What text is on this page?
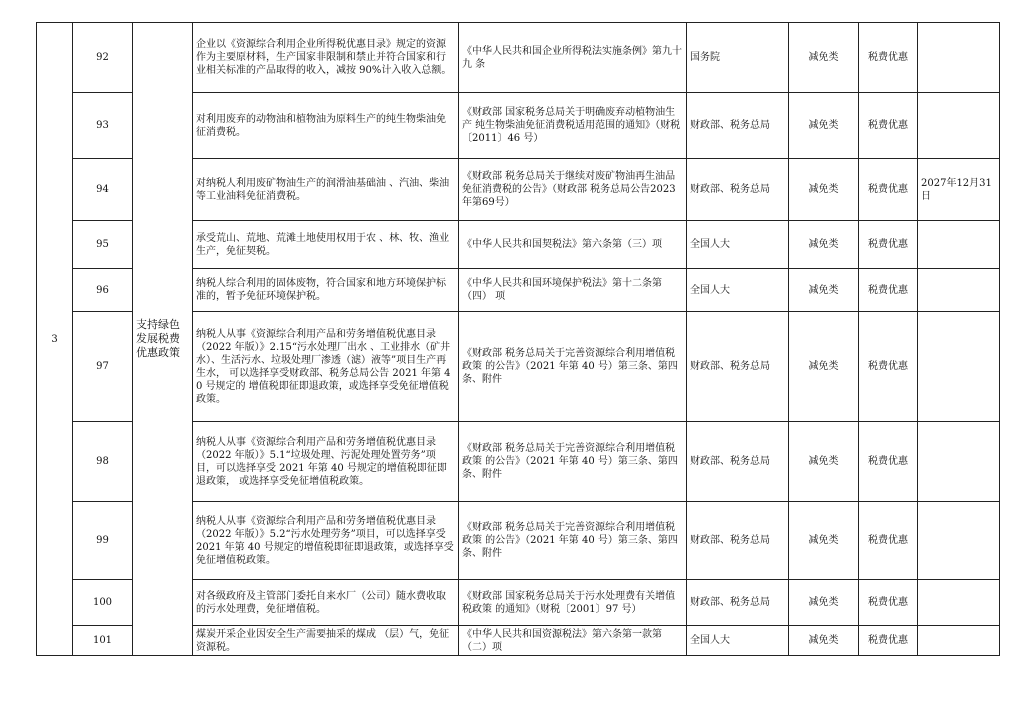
3	92	支持绿色发展税费优惠政策	企业以《资源综合利用企业所得税优惠目录》规定的资源作为主要原材料，生产国家非限制和禁止并符合国家和行 业相关标准的产品取得的收入，减按 90%计入收入总额。	《中华人民共和国企业所得税法实施条例》第九十九 条	国务院	减免类	税费优惠	
	93		对利用废弃的动物油和植物油为原料生产的纯生物柴油免征消费税。	《财政部 国家税务总局关于明确废弃动植物油生产 纯生物柴油免征消费税适用范围的通知》（财税〔2011〕46 号）	财政部、税务总局	减免类	税费优惠	
	94		对纳税人利用废矿物油生产的润滑油基础油 、汽油、柴油等工业油料免征消费税。	《财政部 税务总局关于继续对废矿物油再生油品免征消费税的公告》（财政部 税务总局公告2023年第69号）	财政部、税务总局	减免类	税费优惠	2027年12月31日
	95		承受荒山、荒地、荒滩土地使用权用于农 、林、牧、渔业生产，免征契税。	《中华人民共和国契税法》第六条第（三）项	全国人大	减免类	税费优惠	
	96		纳税人综合利用的固体废物，符合国家和地方环境保护标准的，暂予免征环境保护税。	《中华人民共和国环境保护税法》第十二条第（四） 项	全国人大	减免类	税费优惠	
	97		纳税人从事《资源综合利用产品和劳务增值税优惠目录 （2022 年版）》2.15“污水处理厂出水 、工业排水（矿井水）、生活污水、垃圾处理厂渗透（滤）液等”项目生产再生水， 可以选择享受财政部、税务总局公告 2021 年第 40 号规定的 增值税即征即退政策，或选择享受免征增值税政策。	《财政部 税务总局关于完善资源综合利用增值税政策 的公告》（2021 年第 40 号）第三条、第四条、附件	财政部、税务总局	减免类	税费优惠	
	98		纳税人从事《资源综合利用产品和劳务增值税优惠目录 （2022 年版）》5.1“垃圾处理、污泥处理处置劳务”项目，可以选择享受 2021 年第 40 号规定的增值税即征即退政策， 或选择享受免征增值税政策。	《财政部 税务总局关于完善资源综合利用增值税政策 的公告》（2021 年第 40 号）第三条、第四条、附件	财政部、税务总局	减免类	税费优惠	
	99		纳税人从事《资源综合利用产品和劳务增值税优惠目录 （2022 年版）》5.2“污水处理劳务”项目，可以选择享受 2021 年第 40 号规定的增值税即征即退政策，或选择享受免征增值税政策。	《财政部 税务总局关于完善资源综合利用增值税政策 的公告》（2021 年第 40 号）第三条、第四条、附件	财政部、税务总局	减免类	税费优惠	
	100		对各级政府及主管部门委托自来水厂（公司）随水费收取的污水处理费，免征增值税。	《财政部 国家税务总局关于污水处理费有关增值税政策 的通知》（财税〔2001〕97 号）	财政部、税务总局	减免类	税费优惠	
	101		煤炭开采企业因安全生产需要抽采的煤成 （层）气，免征资源税。	《中华人民共和国资源税法》第六条第一款第（二）项	全国人大	减免类	税费优惠	
